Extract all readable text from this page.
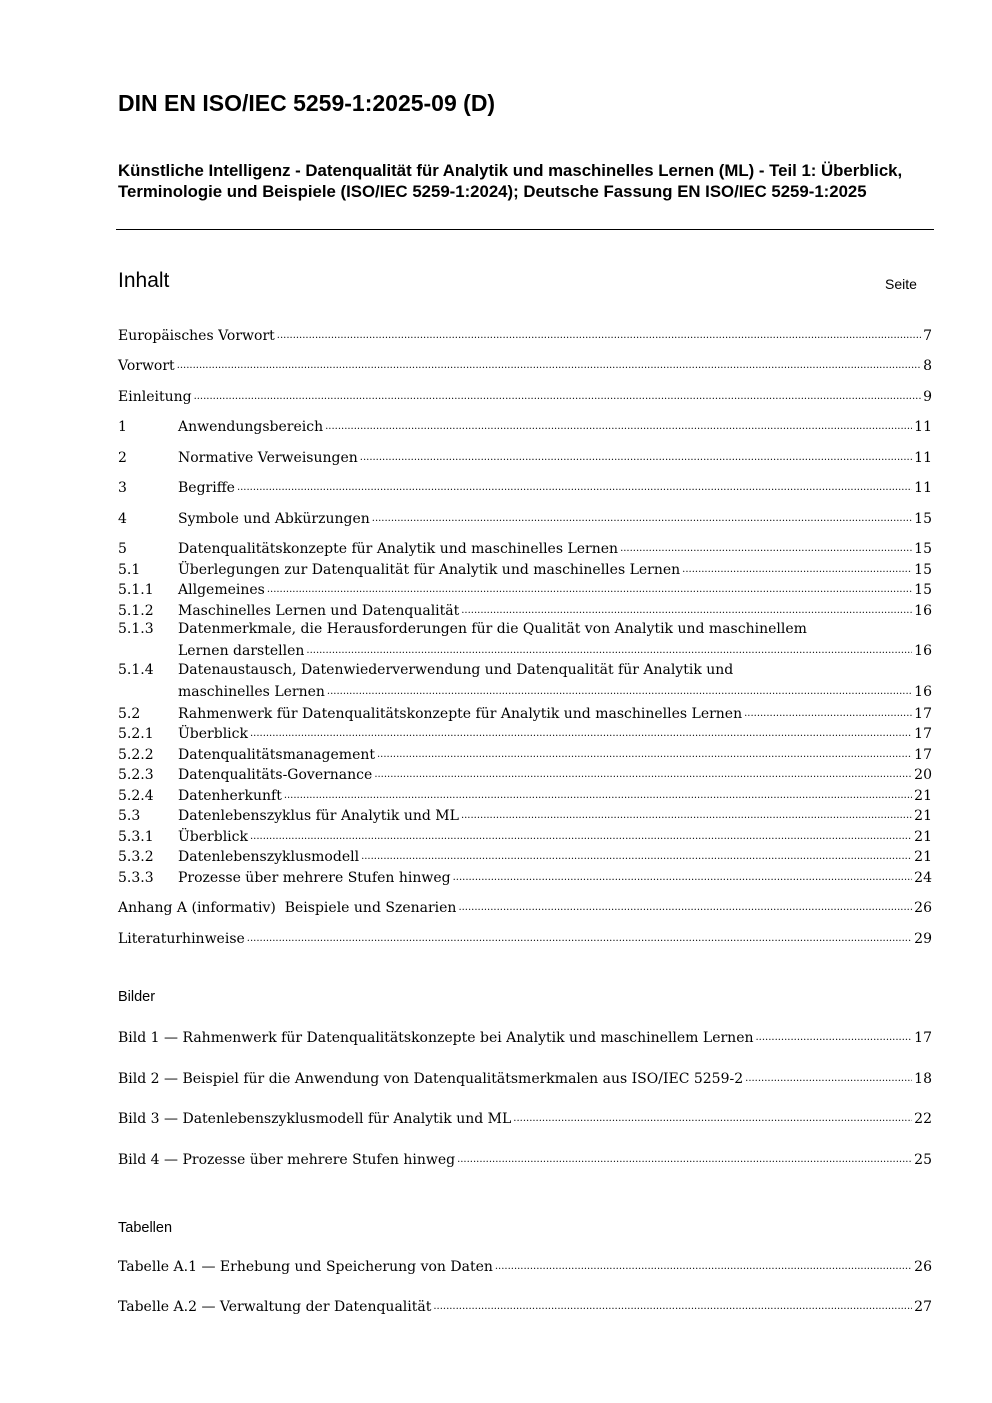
DIN EN ISO/IEC 5259-1:2025-09 (D)

Künstliche Intelligenz - Datenqualität für Analytik und maschinelles Lernen (ML) - Teil 1: Überblick, Terminologie und Beispiele (ISO/IEC 5259-1:2024); Deutsche Fassung EN ISO/IEC 5259-1:2025

Inhalt	Seite
Europäisches Vorwort .....	7
Vorwort .....	8
Einleitung .....	9
1	Anwendungsbereich .....	11
2	Normative Verweisungen .....	11
3	Begriffe .....	11
4	Symbole und Abkürzungen .....	15
5	Datenqualitätskonzepte für Analytik und maschinelles Lernen .....	15
5.1	Überlegungen zur Datenqualität für Analytik und maschinelles Lernen .....	15
5.1.1	Allgemeines .....	15
5.1.2	Maschinelles Lernen und Datenqualität .....	16
5.1.3	Datenmerkmale, die Herausforderungen für die Qualität von Analytik und maschinellem
Lernen darstellen .....	16
5.1.4	Datenaustausch, Datenwiederverwendung und Datenqualität für Analytik und
maschinelles Lernen .....	16
5.2	Rahmenwerk für Datenqualitätskonzepte für Analytik und maschinelles Lernen .....	17
5.2.1	Überblick .....	17
5.2.2	Datenqualitätsmanagement .....	17
5.2.3	Datenqualitäts-Governance .....	20
5.2.4	Datenherkunft .....	21
5.3	Datenlebenszyklus für Analytik und ML .....	21
5.3.1	Überblick .....	21
5.3.2	Datenlebenszyklusmodell .....	21
5.3.3	Prozesse über mehrere Stufen hinweg .....	24
Anhang A (informativ)  Beispiele und Szenarien .....	26
Literaturhinweise .....	29
Bilder
Bild 1 — Rahmenwerk für Datenqualitätskonzepte bei Analytik und maschinellem Lernen .....	17
Bild 2 — Beispiel für die Anwendung von Datenqualitätsmerkmalen aus ISO/IEC 5259-2 .....	18
Bild 3 — Datenlebenszyklusmodell für Analytik und ML .....	22
Bild 4 — Prozesse über mehrere Stufen hinweg .....	25
Tabellen
Tabelle A.1 — Erhebung und Speicherung von Daten .....	26
Tabelle A.2 — Verwaltung der Datenqualität .....	27
